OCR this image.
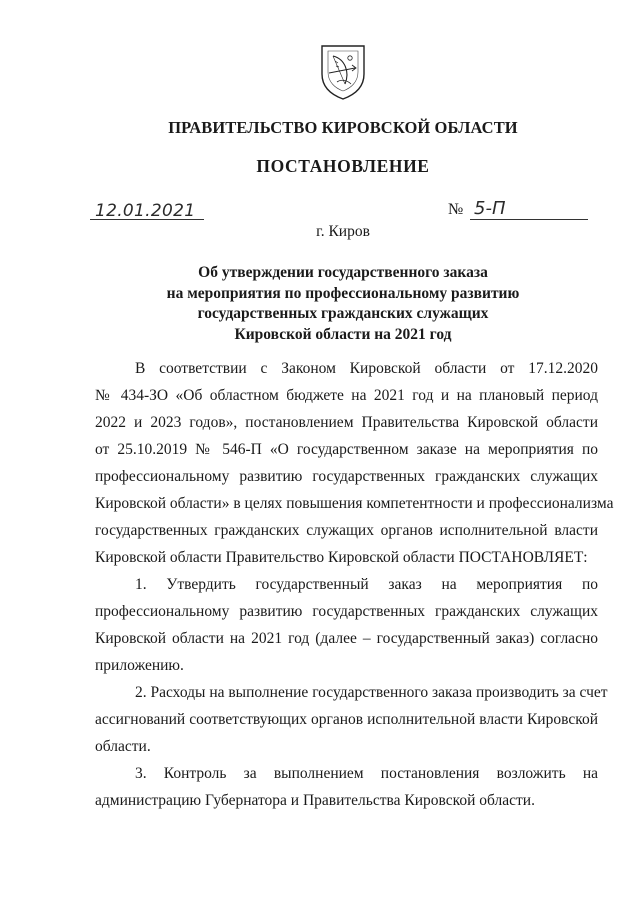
ПРАВИТЕЛЬСТВО КИРОВСКОЙ ОБЛАСТИ
ПОСТАНОВЛЕНИЕ
12.01.2021	№ 5-П
г. Киров
Об утверждении государственного заказа
на мероприятия по профессиональному развитию
государственных гражданских служащих
Кировской области на 2021 год
В соответствии с Законом Кировской области от 17.12.2020
№ 434-ЗО «Об областном бюджете на 2021 год и на плановый период
2022 и 2023 годов», постановлением Правительства Кировской области
от 25.10.2019 № 546-П «О государственном заказе на мероприятия по
профессиональному развитию государственных гражданских служащих
Кировской области» в целях повышения компетентности и профессионализма
государственных гражданских служащих органов исполнительной власти
Кировской области Правительство Кировской области ПОСТАНОВЛЯЕТ:
1. Утвердить государственный заказ на мероприятия по
профессиональному развитию государственных гражданских служащих
Кировской области на 2021 год (далее – государственный заказ) согласно
приложению.
2. Расходы на выполнение государственного заказа производить за счет
ассигнований соответствующих органов исполнительной власти Кировской
области.
3. Контроль за выполнением постановления возложить на
администрацию Губернатора и Правительства Кировской области.
